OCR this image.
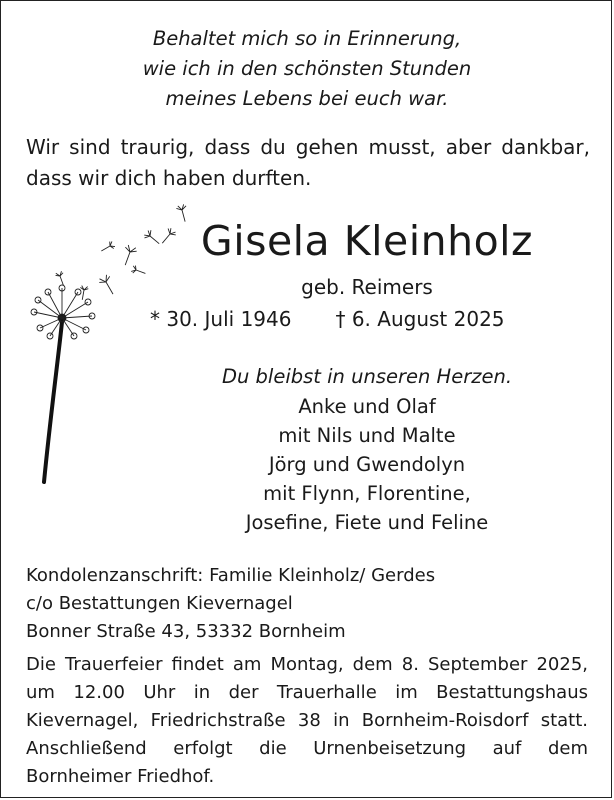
Behaltet mich so in Erinnerung,
wie ich in den schönsten Stunden
meines Lebens bei euch war.
Wir sind traurig, dass du gehen musst, aber dankbar, dass wir dich haben durften.
Gisela Kleinholz
geb. Reimers
* 30. Juli 1946 † 6. August 2025
Du bleibst in unseren Herzen.
Anke und Olaf
mit Nils und Malte
Jörg und Gwendolyn
mit Flynn, Florentine,
Josefine, Fiete und Feline
Kondolenzanschrift: Familie Kleinholz/ Gerdes
c/o Bestattungen Kievernagel
Bonner Straße 43, 53332 Bornheim
Die Trauerfeier findet am Montag, dem 8. September 2025, um 12.00 Uhr in der Trauerhalle im Bestattungshaus Kievernagel, Friedrichstraße 38 in Bornheim-Roisdorf statt. Anschließend erfolgt die Urnenbeisetzung auf dem Bornheimer Friedhof.
